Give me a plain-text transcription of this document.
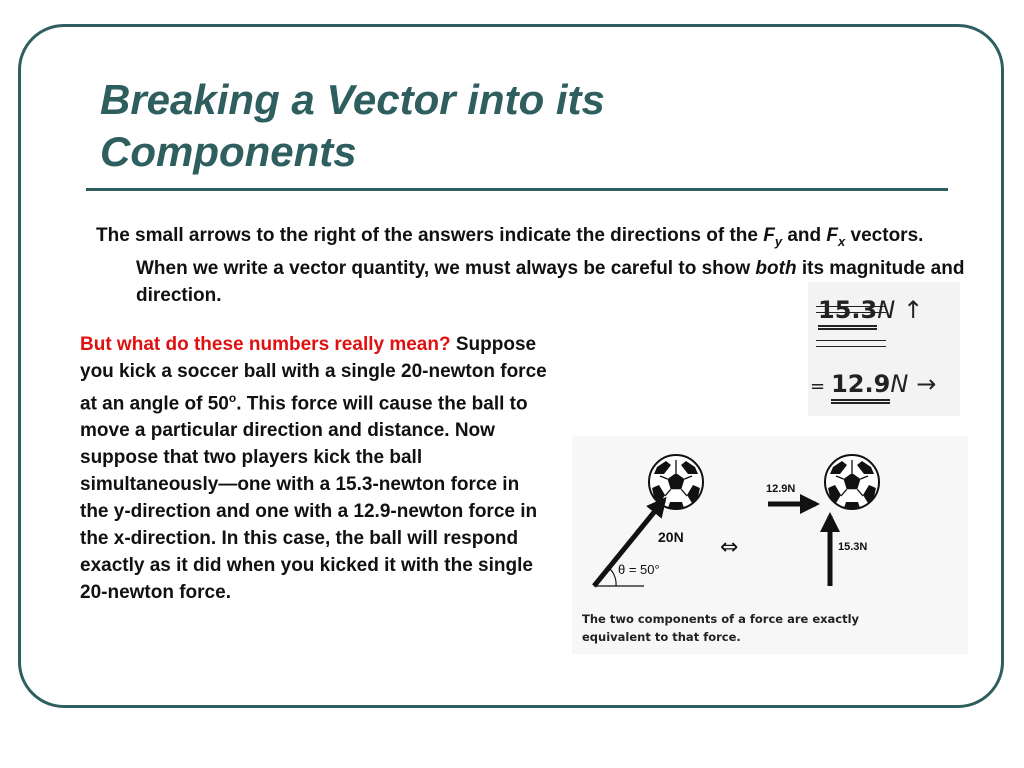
Breaking a Vector into its
Components

The small arrows to the right of the answers indicate the directions of the $F_y$ and $F_x$ vectors. When we write a vector quantity, we must always be careful to show both its magnitude and direction.

But what do these numbers really mean? Suppose you kick a soccer ball with a single 20-newton force at an angle of 50$^o$. This force will cause the ball to move a particular direction and distance. Now suppose that two players kick the ball simultaneously—one with a 15.3-newton force in the y-direction and one with a 12.9-newton force in the x-direction. In this case, the ball will respond exactly as it did when you kicked it with the single 20-newton force.

15.3N ↑
= 12.9N →
20N
θ = 50°
⇔
12.9N
15.3N
The two components of a force are exactly equivalent to that force.
